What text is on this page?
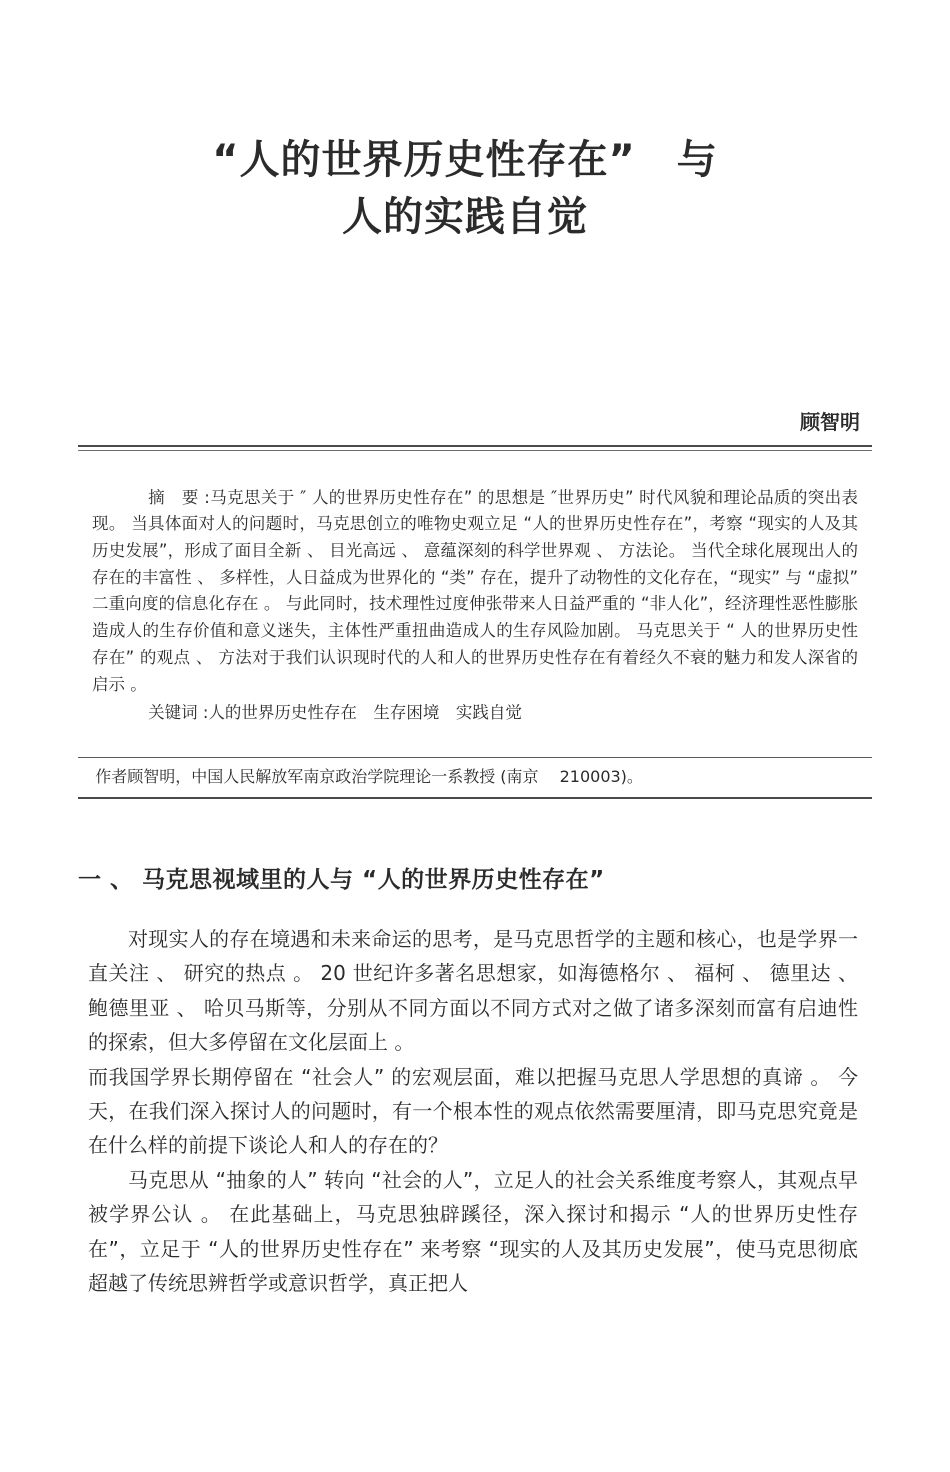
“人的世界历史性存在”　与
人的实践自觉
顾智明

摘　要 :马克思关于 ″ 人的世界历史性存在” 的思想是 ″世界历史” 时代风貌和理论品质的突出表现。 当具体面对人的问题时，马克思创立的唯物史观立足 “人的世界历史性存在”，考察 “现实的人及其历史发展”，形成了面目全新 、 目光高远 、 意蕴深刻的科学世界观 、 方法论。 当代全球化展现出人的存在的丰富性 、 多样性，人日益成为世界化的 “类” 存在，提升了动物性的文化存在，“现实” 与 “虚拟” 二重向度的信息化存在 。 与此同时，技术理性过度伸张带来人日益严重的 “非人化”，经济理性恶性膨胀造成人的生存价值和意义迷失，主体性严重扭曲造成人的生存风险加剧。 马克思关于 “ 人的世界历史性存在” 的观点 、 方法对于我们认识现时代的人和人的世界历史性存在有着经久不衰的魅力和发人深省的启示 。

关键词 :人的世界历史性存在　生存困境　实践自觉
作者顾智明，中国人民解放军南京政治学院理论一系教授 (南京　 210003)。
一 、 马克思视域里的人与 “人的世界历史性存在”

对现实人的存在境遇和未来命运的思考，是马克思哲学的主题和核心，也是学界一直关注 、 研究的热点 。 20 世纪许多著名思想家，如海德格尔 、 福柯 、 德里达 、 鲍德里亚 、 哈贝马斯等，分别从不同方面以不同方式对之做了诸多深刻而富有启迪性的探索，但大多停留在文化层面上 。

而我国学界长期停留在 “社会人” 的宏观层面，难以把握马克思人学思想的真谛 。 今天，在我们深入探讨人的问题时，有一个根本性的观点依然需要厘清，即马克思究竟是在什么样的前提下谈论人和人的存在的？

马克思从 “抽象的人” 转向 “社会的人”，立足人的社会关系维度考察人，其观点早被学界公认 。 在此基础上，马克思独辟蹊径，深入探讨和揭示 “人的世界历史性存在”，立足于 “人的世界历史性存在” 来考察 “现实的人及其历史发展”，使马克思彻底超越了传统思辨哲学或意识哲学，真正把人
